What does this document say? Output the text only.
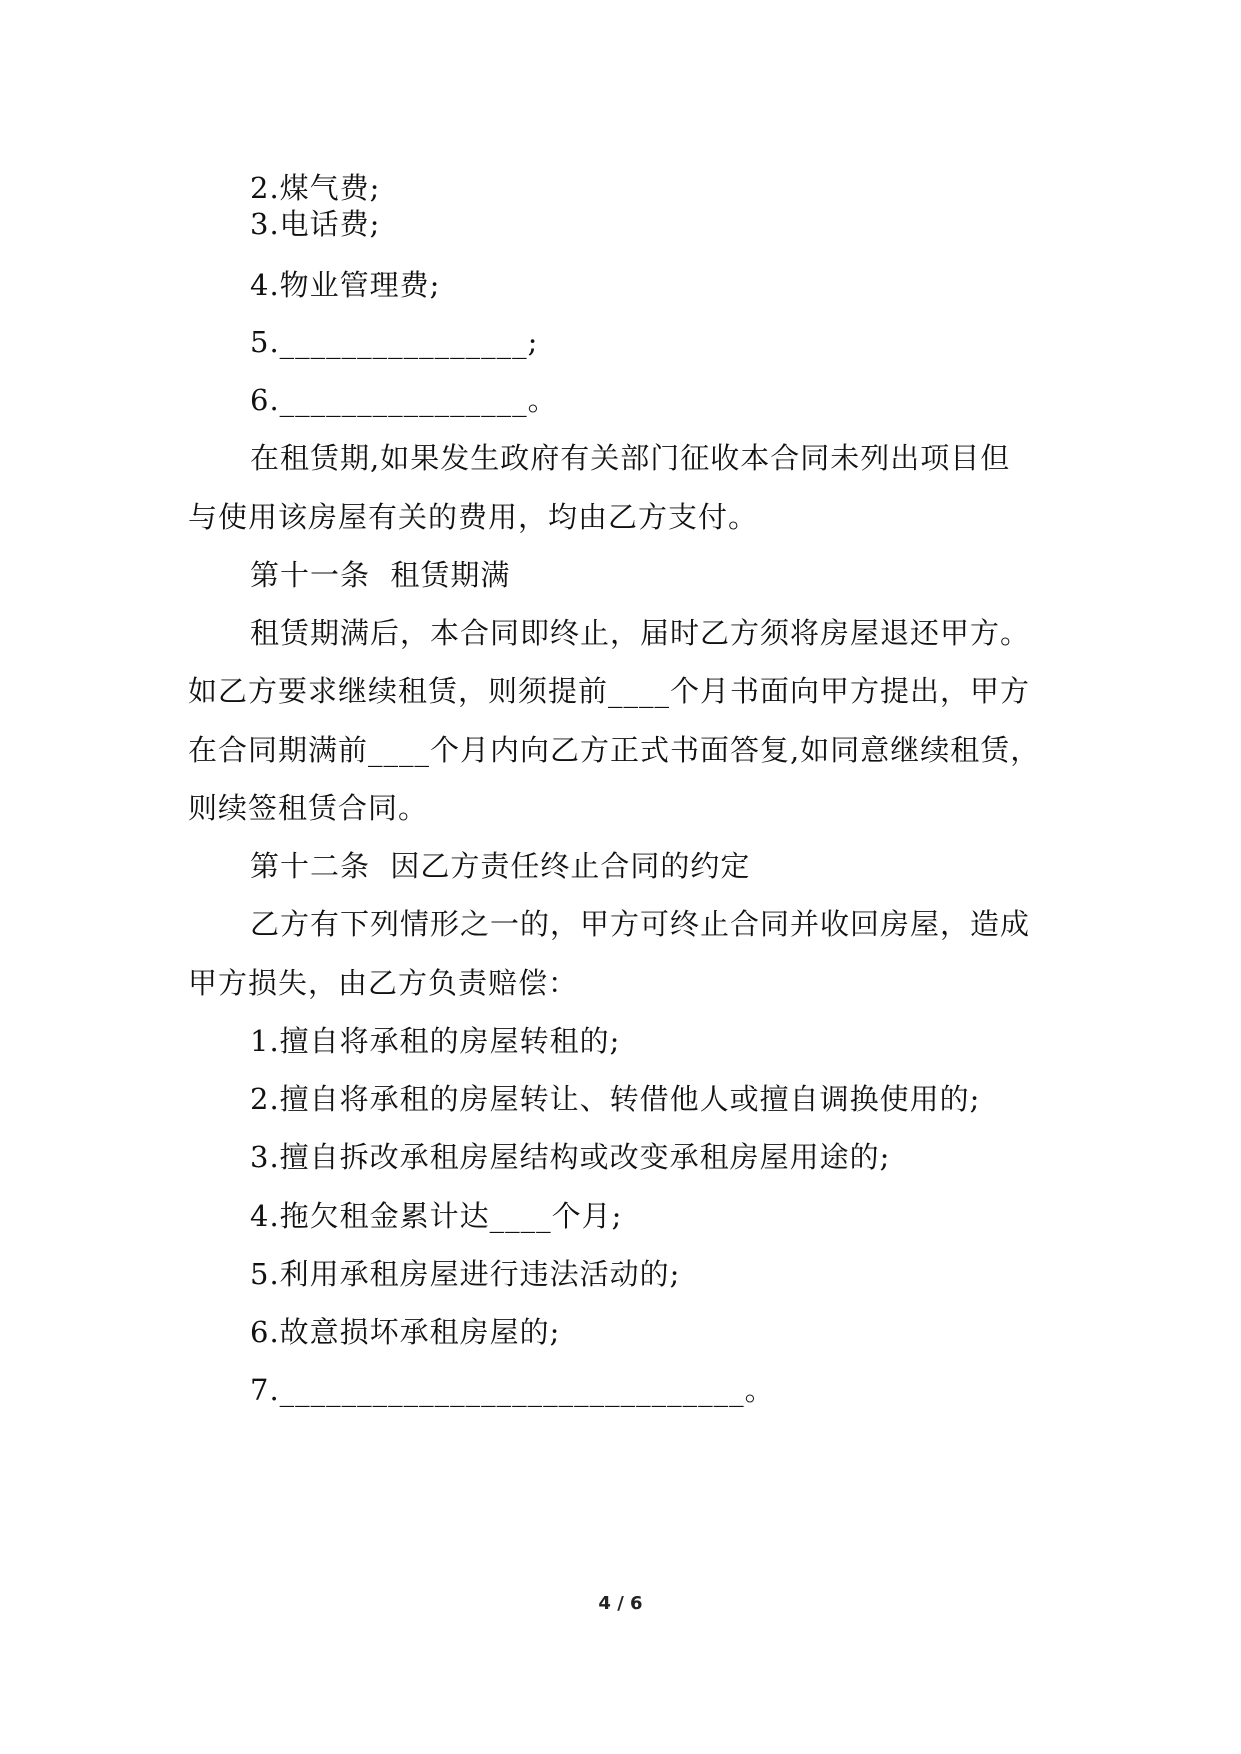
2.煤气费;
3.电话费;
4.物业管理费;
5.________________;
6.________________。
在租赁期,如果发生政府有关部门征收本合同未列出项目但
与使用该房屋有关的费用，均由乙方支付。
第十一条  租赁期满
租赁期满后，本合同即终止，届时乙方须将房屋退还甲方。
如乙方要求继续租赁，则须提前____个月书面向甲方提出，甲方
在合同期满前____个月内向乙方正式书面答复,如同意继续租赁，
则续签租赁合同。
第十二条  因乙方责任终止合同的约定
乙方有下列情形之一的，甲方可终止合同并收回房屋，造成
甲方损失，由乙方负责赔偿：
1.擅自将承租的房屋转租的;
2.擅自将承租的房屋转让、转借他人或擅自调换使用的;
3.擅自拆改承租房屋结构或改变承租房屋用途的;
4.拖欠租金累计达____个月;
5.利用承租房屋进行违法活动的;
6.故意损坏承租房屋的;
7.______________________________。
4 / 6
